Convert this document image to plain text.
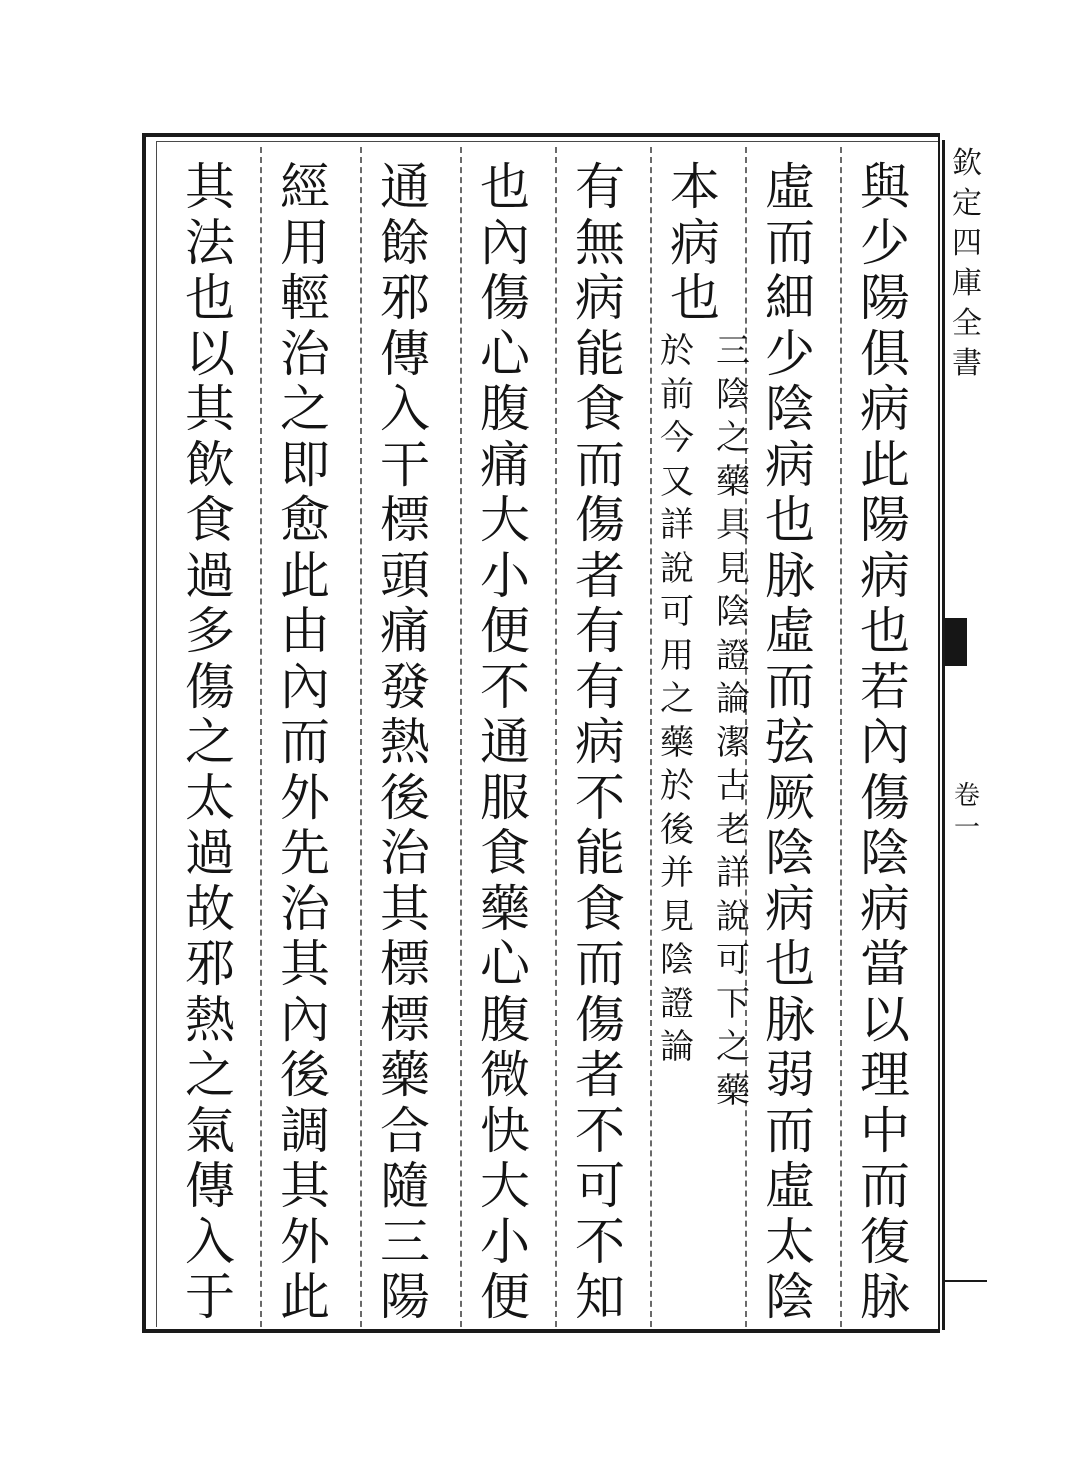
與
少
陽
俱
病
此
陽
病
也
若
內
傷
陰
病
當
以
理
中
而
復
脉
虛
而
細
少
陰
病
也
脉
虛
而
弦
厥
陰
病
也
脉
弱
而
虛
太
陰
本
病
也
三
陰
之
藥
具
見
陰
證
論
潔
古
老
詳
說
可
下
之
藥
於
前
今
又
詳
說
可
用
之
藥
於
後
并
見
陰
證
論
有
無
病
能
食
而
傷
者
有
有
病
不
能
食
而
傷
者
不
可
不
知
也
內
傷
心
腹
痛
大
小
便
不
通
服
食
藥
心
腹
微
快
大
小
便
通
餘
邪
傳
入
干
標
頭
痛
發
熱
後
治
其
標
標
藥
合
隨
三
陽
經
用
輕
治
之
即
愈
此
由
內
而
外
先
治
其
內
後
調
其
外
此
其
法
也
以
其
飲
食
過
多
傷
之
太
過
故
邪
熱
之
氣
傳
入
于
欽
定
四
庫
全
書
卷
一
